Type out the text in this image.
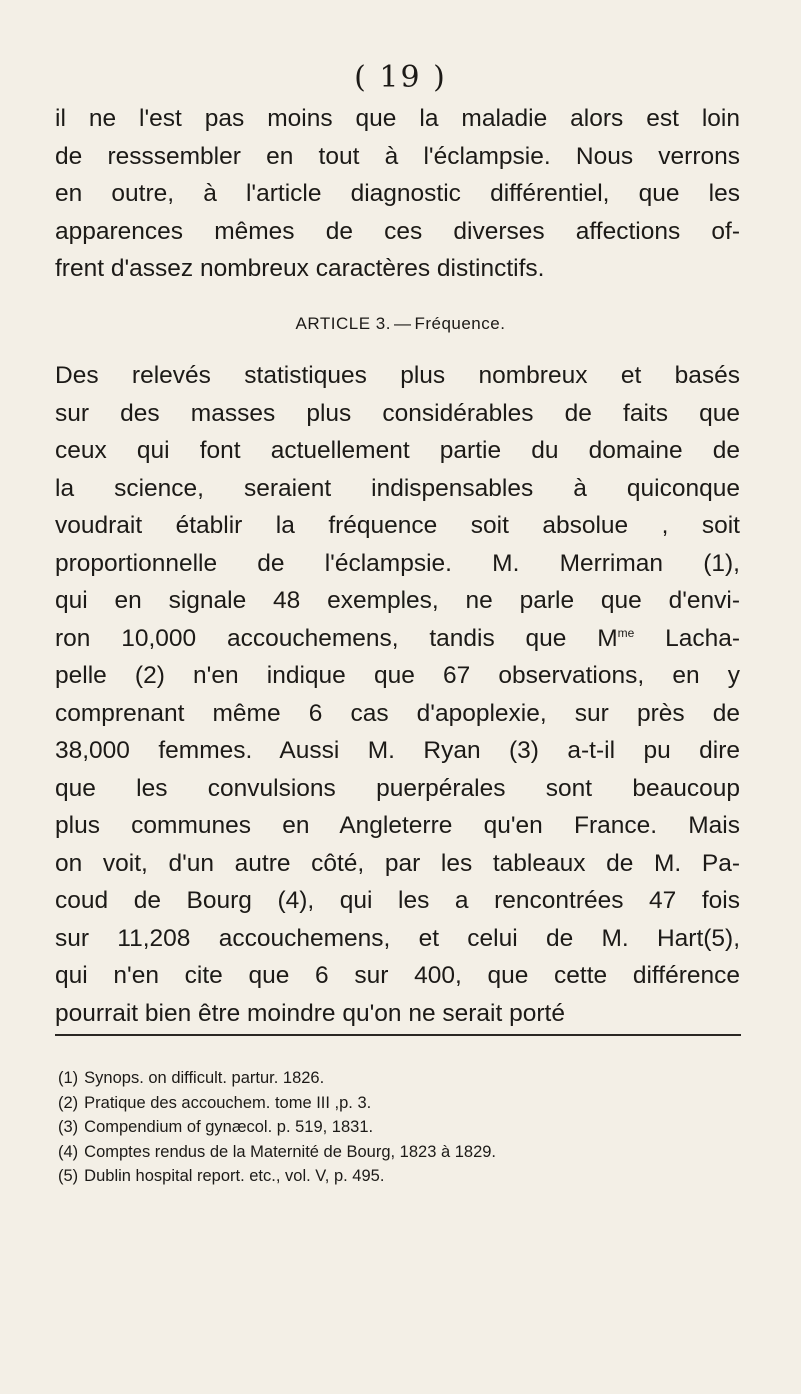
( 19 )

il ne l'est pas moins que la maladie alors est loin
de resssembler en tout à l'éclampsie. Nous verrons
en outre, à l'article diagnostic différentiel, que les
apparences mêmes de ces diverses affections of-
frent d'assez nombreux caractères distinctifs.

ARTICLE 3. — Fréquence.

Des relevés statistiques plus nombreux et basés
sur des masses plus considérables de faits que
ceux qui font actuellement partie du domaine de
la science, seraient indispensables à quiconque
voudrait établir la fréquence soit absolue , soit
proportionnelle de l'éclampsie. M. Merriman (1),
qui en signale 48 exemples, ne parle que d'envi-
ron 10,000 accouchemens, tandis que $M^{me}$ Lacha-
pelle (2) n'en indique que 67 observations, en y
comprenant même 6 cas d'apoplexie, sur près de
38,000 femmes. Aussi M. Ryan (3) a-t-il pu dire
que les convulsions puerpérales sont beaucoup
plus communes en Angleterre qu'en France. Mais
on voit, d'un autre côté, par les tableaux de M. Pa-
coud de Bourg (4), qui les a rencontrées 47 fois
sur 11,208 accouchemens, et celui de M. Hart(5),
qui n'en cite que 6 sur 400, que cette différence
pourrait bien être moindre qu'on ne serait porté

(1) Synops. on difficult. partur. 1826.
(2) Pratique des accouchem. tome III ,p. 3.
(3) Compendium of gynæcol. p. 519, 1831.
(4) Comptes rendus de la Maternité de Bourg, 1823 à 1829.
(5) Dublin hospital report. etc., vol. V, p. 495.
